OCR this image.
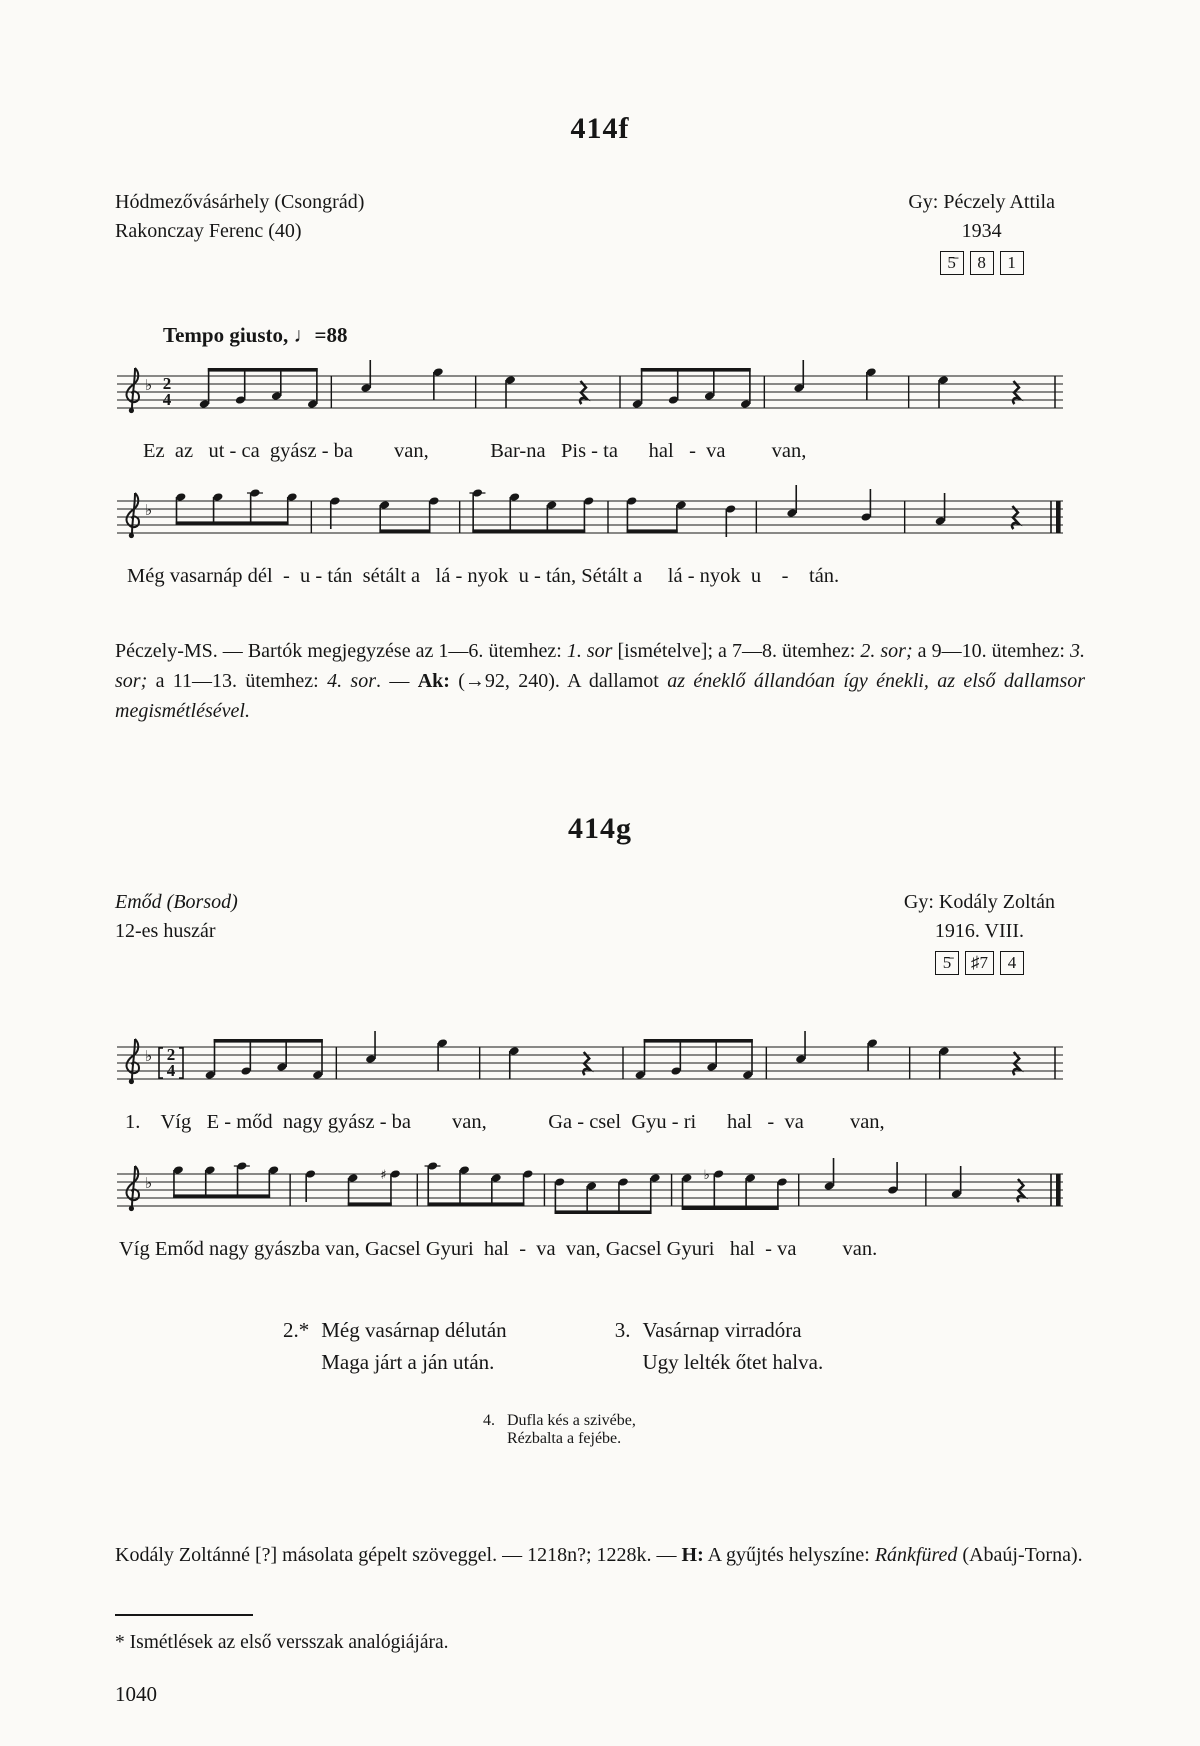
414f
Hódmezővásárhely (Csongrád)
Rakonczay Ferenc (40)
Gy: Péczely Attila
1934
5̄ 8 1
Tempo giusto, ♩=88
♭ 2
4
Ez  az   ut - ca  gyász - ba        van,            Bar-na   Pis - ta      hal   -  va         van,
♭
Még vasarnáp dél  -  u - tán  sétált a   lá - nyok  u - tán, Sétált a     lá - nyok  u    -    tán.
Péczely-MS. — Bartók megjegyzése az 1—6. ütemhez: 1. sor [ismételve]; a 7—8. ütemhez: 2. sor; a 9—10. ütemhez: 3. sor; a 11—13. ütemhez: 4. sor. — Ak: (→92, 240). A dallamot az éneklő állandóan így énekli, az első dallamsor megismétlésével.
414g
Emőd (Borsod)
12-es huszár
Gy: Kodály Zoltán
1916. VIII.
5̄ ♯7 4
♭ 2
4
1.    Víg   E - mőd  nagy gyász - ba        van,            Ga - csel  Gyu - ri      hal   -  va         van,
♭	♯	♭
Víg Emőd nagy gyászba van, Gacsel Gyuri  hal  -  va  van, Gacsel Gyuri   hal  - va         van.
2.* Még vasárnap délután
Maga járt a ján után.
3. Vasárnap virradóra
Ugy lelték őtet halva.
4. Dufla kés a szivébe,
Rézbalta a fejébe.
Kodály Zoltánné [?] másolata gépelt szöveggel. — 1218n?; 1228k. — H: A gyűjtés helyszíne: Ránkfüred (Abaúj-Torna).
* Ismétlések az első versszak analógiájára.
1040
